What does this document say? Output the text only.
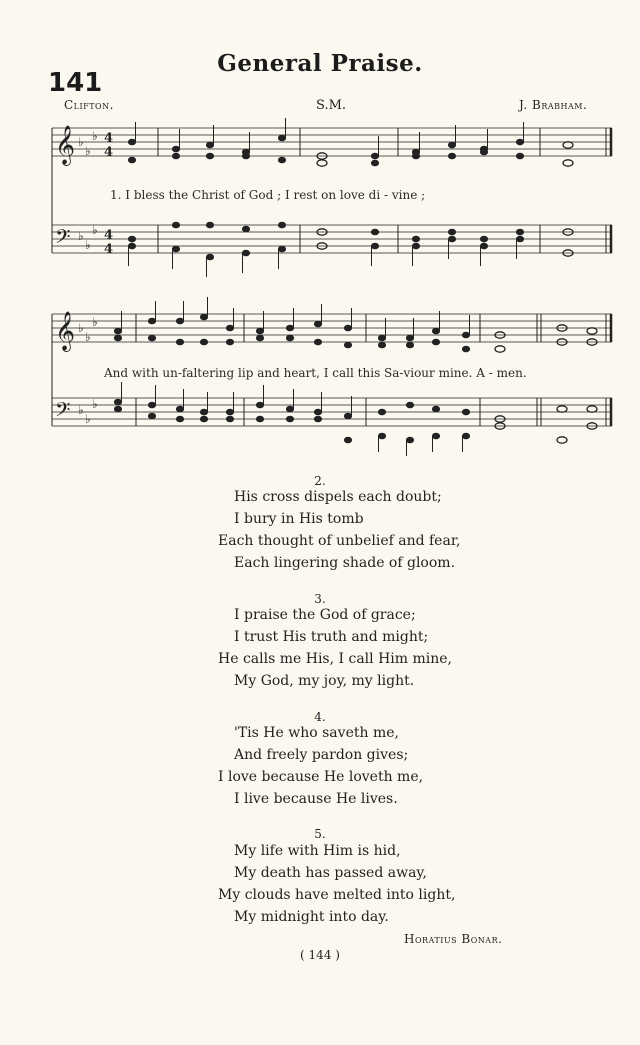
General Praise.
141
Clifton.	S.M.	J. Brabham.
𝄞
𝄢
𝄞
𝄢
♭
♭
♭
♭
♭
♭
♭
♭
♭
♭
♭
♭
4
4
4
4
1. I bless the Christ of God ; I rest on love di - vine ;
And with un-faltering lip and heart, I call this Sa-viour mine. A - men.
2.
His cross dispels each doubt;
I bury in His tomb
Each thought of unbelief and fear,
Each lingering shade of gloom.
3.
I praise the God of grace;
I trust His truth and might;
He calls me His, I call Him mine,
My God, my joy, my light.
4.
'Tis He who saveth me,
And freely pardon gives;
I love because He loveth me,
I live because He lives.
5.
My life with Him is hid,
My death has passed away,
My clouds have melted into light,
My midnight into day.
Horatius Bonar.
( 144 )
